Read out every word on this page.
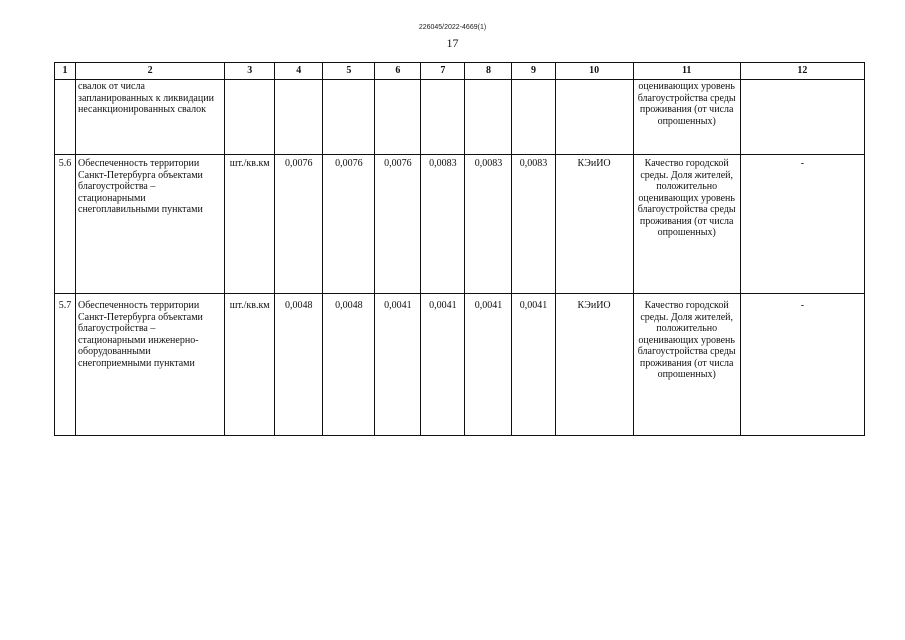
226045/2022-4669(1)
17
1	2	3	4	5	6	7	8	9	10	11	12
	свалок от числа запланированных к ликвидации несанкционированных свалок									оценивающих уровень благоустройства среды проживания (от числа опрошенных)	
5.6	Обеспеченность территории Санкт-Петербурга объектами благоустройства – стационарными снегоплавильными пунктами	шт./кв.км	0,0076	0,0076	0,0076	0,0083	0,0083	0,0083	КЭиИО	Качество городской среды. Доля жителей, положительно оценивающих уровень благоустройства среды проживания (от числа опрошенных)	-
5.7	Обеспеченность территории Санкт-Петербурга объектами благоустройства – стационарными инженерно-оборудованными снегоприемными пунктами	шт./кв.км	0,0048	0,0048	0,0041	0,0041	0,0041	0,0041	КЭиИО	Качество городской среды. Доля жителей, положительно оценивающих уровень благоустройства среды проживания (от числа опрошенных)	-
